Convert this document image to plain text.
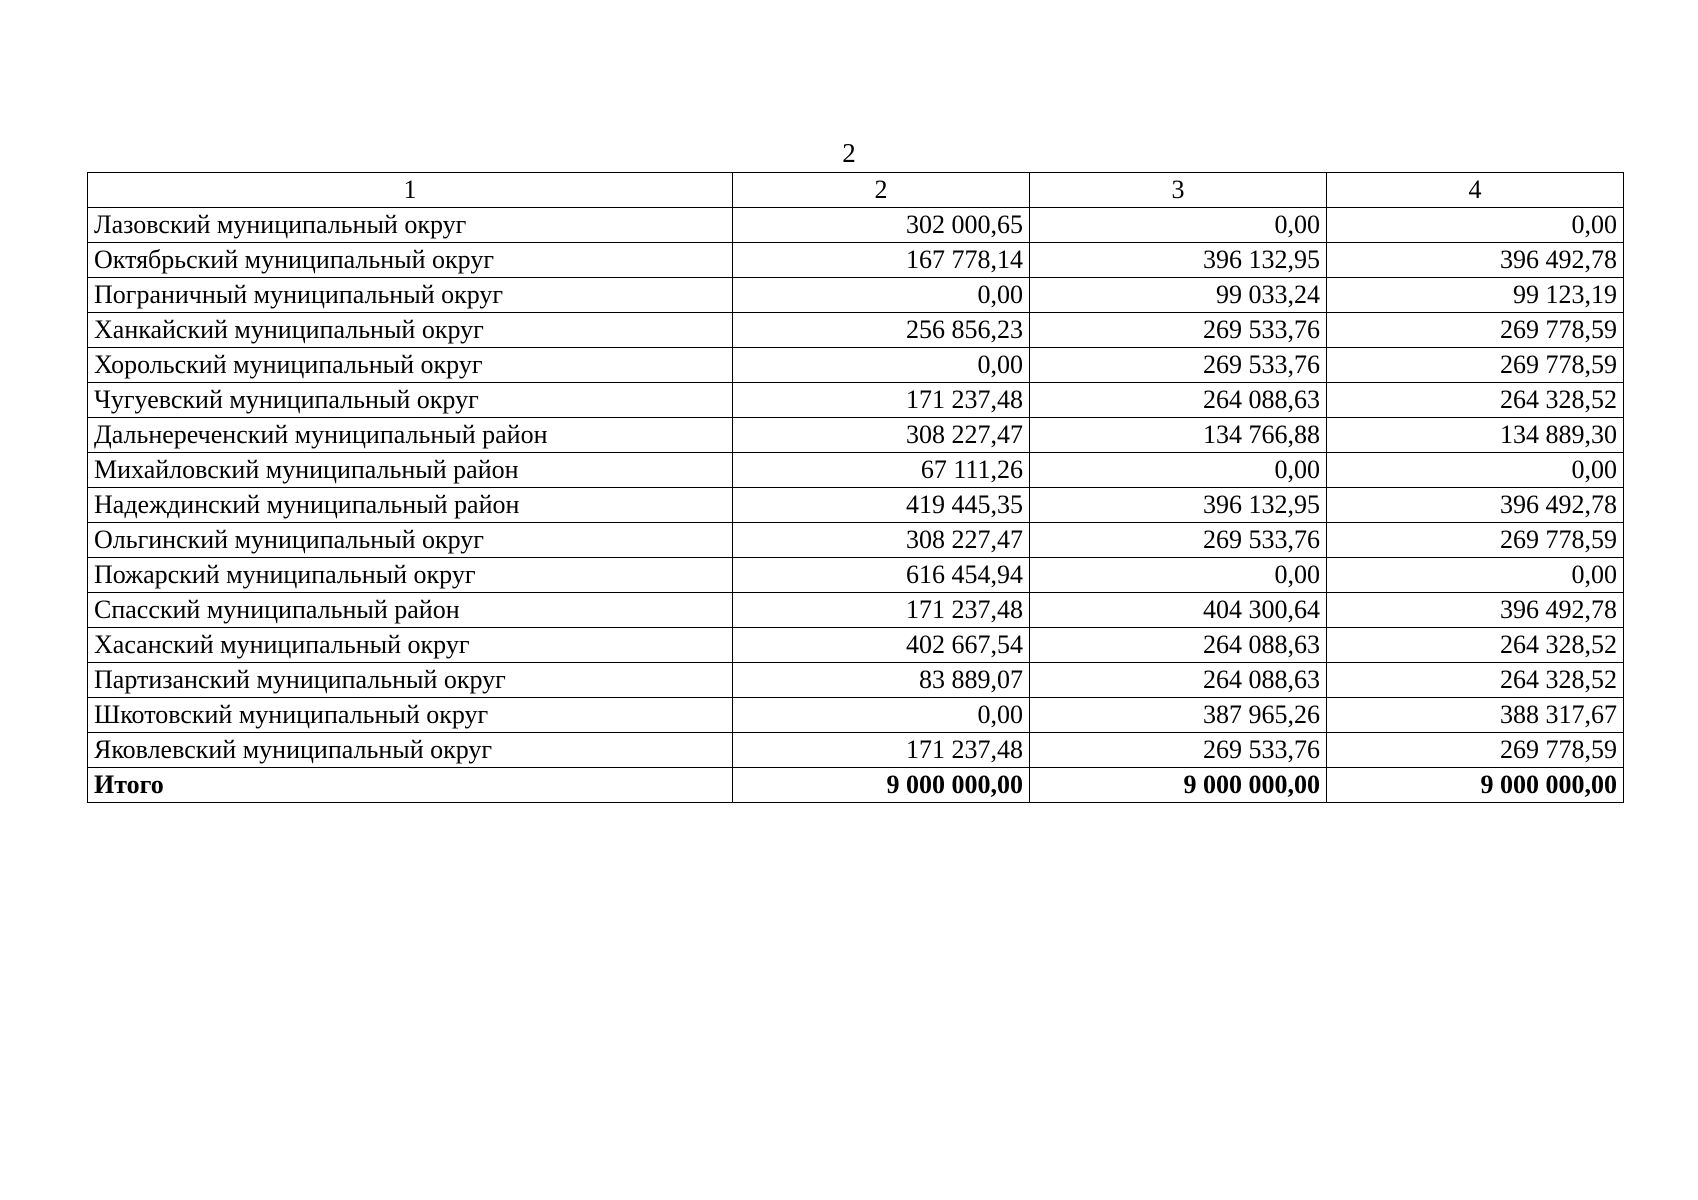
2
1	2	3	4
Лазовский муниципальный округ	302 000,65	0,00	0,00
Октябрьский муниципальный округ	167 778,14	396 132,95	396 492,78
Пограничный муниципальный округ	0,00	99 033,24	99 123,19
Ханкайский муниципальный округ	256 856,23	269 533,76	269 778,59
Хорольский муниципальный округ	0,00	269 533,76	269 778,59
Чугуевский муниципальный округ	171 237,48	264 088,63	264 328,52
Дальнереченский муниципальный район	308 227,47	134 766,88	134 889,30
Михайловский муниципальный район	67 111,26	0,00	0,00
Надеждинский муниципальный район	419 445,35	396 132,95	396 492,78
Ольгинский муниципальный округ	308 227,47	269 533,76	269 778,59
Пожарский муниципальный округ	616 454,94	0,00	0,00
Спасский муниципальный район	171 237,48	404 300,64	396 492,78
Хасанский муниципальный округ	402 667,54	264 088,63	264 328,52
Партизанский муниципальный округ	83 889,07	264 088,63	264 328,52
Шкотовский муниципальный округ	0,00	387 965,26	388 317,67
Яковлевский муниципальный округ	171 237,48	269 533,76	269 778,59
Итого	9 000 000,00	9 000 000,00	9 000 000,00
